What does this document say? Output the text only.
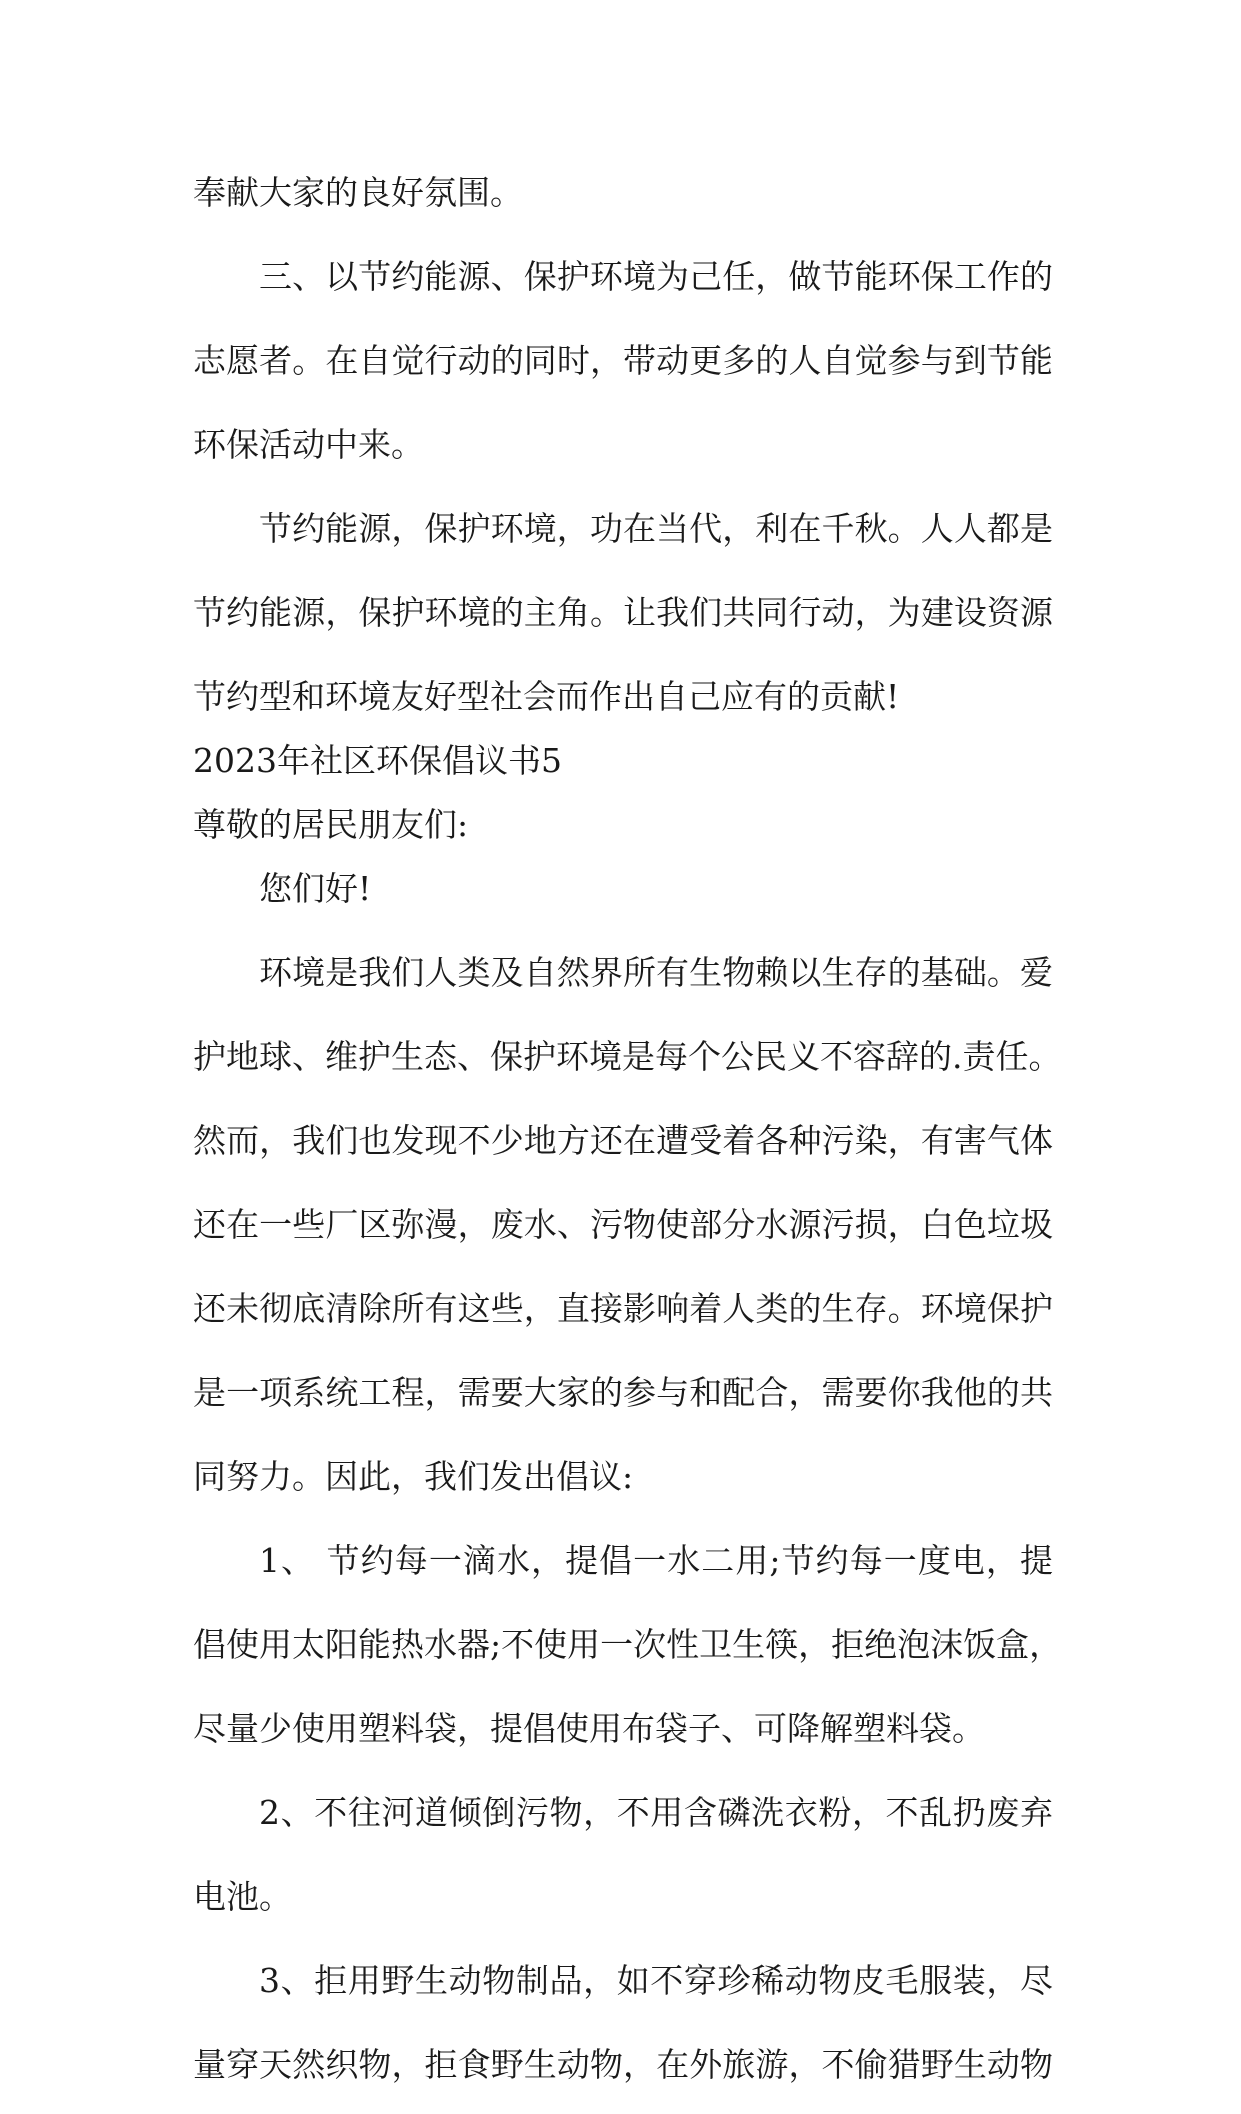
奉献大家的良好氛围。
三、以节约能源、保护环境为己任，做节能环保工作的
志愿者。在自觉行动的同时，带动更多的人自觉参与到节能
环保活动中来。
节约能源，保护环境，功在当代，利在千秋。人人都是
节约能源，保护环境的主角。让我们共同行动，为建设资源
节约型和环境友好型社会而作出自己应有的贡献!
2023年社区环保倡议书5
尊敬的居民朋友们:
您们好!
环境是我们人类及自然界所有生物赖以生存的基础。爱
护地球、维护生态、保护环境是每个公民义不容辞的.责任。
然而，我们也发现不少地方还在遭受着各种污染，有害气体
还在一些厂区弥漫，废水、污物使部分水源污损，白色垃圾
还未彻底清除所有这些，直接影响着人类的生存。环境保护
是一项系统工程，需要大家的参与和配合，需要你我他的共
同努力。因此，我们发出倡议:
1、 节约每一滴水，提倡一水二用;节约每一度电，提
倡使用太阳能热水器;不使用一次性卫生筷，拒绝泡沫饭盒，
尽量少使用塑料袋，提倡使用布袋子、可降解塑料袋。
2、不往河道倾倒污物，不用含磷洗衣粉，不乱扔废弃
电池。
3、拒用野生动物制品，如不穿珍稀动物皮毛服装，尽
量穿天然织物，拒食野生动物，在外旅游，不偷猎野生动物
